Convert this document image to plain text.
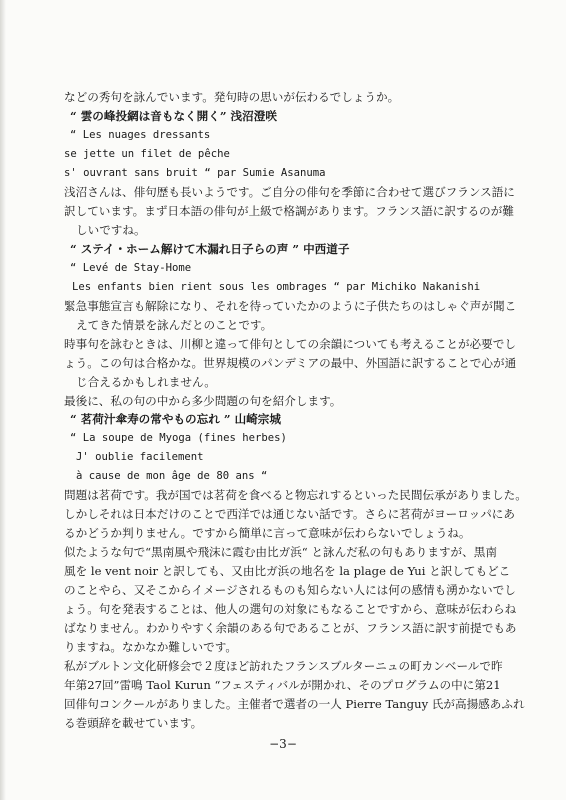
などの秀句を詠んでいます。発句時の思いが伝わるでしょうか。
“ 雲の峰投網は音もなく開く” 浅沼澄咲
“ Les nuages dressants
se jette un filet de pêche
s' ouvrant sans bruit “ par Sumie Asanuma
浅沼さんは、俳句歴も長いようです。ご自分の俳句を季節に合わせて選びフランス語に
訳しています。まず日本語の俳句が上級で格調があります。フランス語に訳するのが難
しいですね。
“ ステイ・ホーム解けて木漏れ日子らの声 ” 中西道子
“ Levé de Stay-Home
Les enfants bien rient sous les ombrages “ par Michiko Nakanishi
緊急事態宣言も解除になり、それを待っていたかのように子供たちのはしゃぐ声が聞こ
えてきた情景を詠んだとのことです。
時事句を詠むときは、川柳と違って俳句としての余韻についても考えることが必要でし
ょう。この句は合格かな。世界規模のパンデミアの最中、外国語に訳することで心が通
じ合えるかもしれません。
最後に、私の句の中から多少問題の句を紹介します。
“ 茗荷汁傘寿の常やもの忘れ ” 山崎宗城
“ La soupe de Myoga (fines herbes)
J' oublie facilement
à cause de mon âge de 80 ans “
問題は茗荷です。我が国では茗荷を食べると物忘れするといった民間伝承がありました。
しかしそれは日本だけのことで西洋では通じない話です。さらに茗荷がヨーロッパにあ
るかどうか判りません。ですから簡単に言って意味が伝わらないでしょうね。
似たような句で“黒南風や飛沫に霞む由比ガ浜“ と詠んだ私の句もありますが、黒南
風を le vent noir と訳しても、又由比ガ浜の地名を la plage de Yui と訳してもどこ
のことやら、又そこからイメージされるものも知らない人には何の感情も湧かないでし
ょう。句を発表することは、他人の選句の対象にもなることですから、意味が伝わらね
ばなりません。わかりやすく余韻のある句であることが、フランス語に訳す前提でもあ
りますね。なかなか難しいです。
私がブルトン文化研修会で２度ほど訪れたフランスブルターニュの町カンベールで昨
年第27回”雷鳴 Taol Kurun “フェスティバルが開かれ、そのプログラムの中に第21
回俳句コンクールがありました。主催者で選者の一人 Pierre Tanguy 氏が高揚感あふれ
る巻頭辞を載せています。
−3−
